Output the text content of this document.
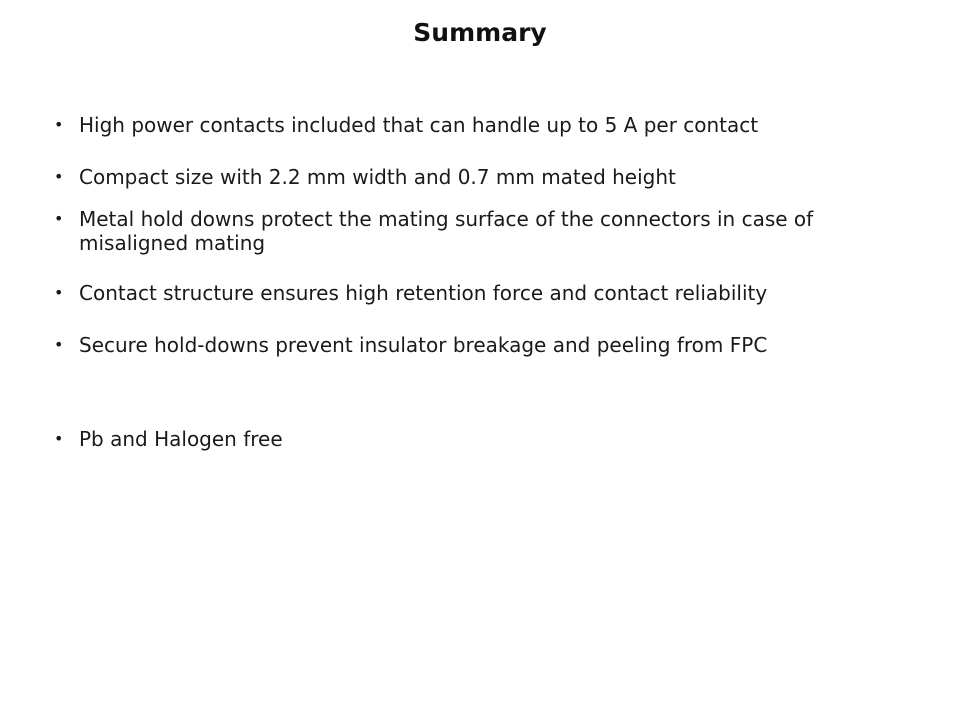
Summary
• High power contacts included that can handle up to 5 A per contact
• Compact size with 2.2 mm width and 0.7 mm mated height
• Metal hold downs protect the mating surface of the connectors in case of misaligned mating
• Contact structure ensures high retention force and contact reliability
• Secure hold-downs prevent insulator breakage and peeling from FPC
• Pb and Halogen free
